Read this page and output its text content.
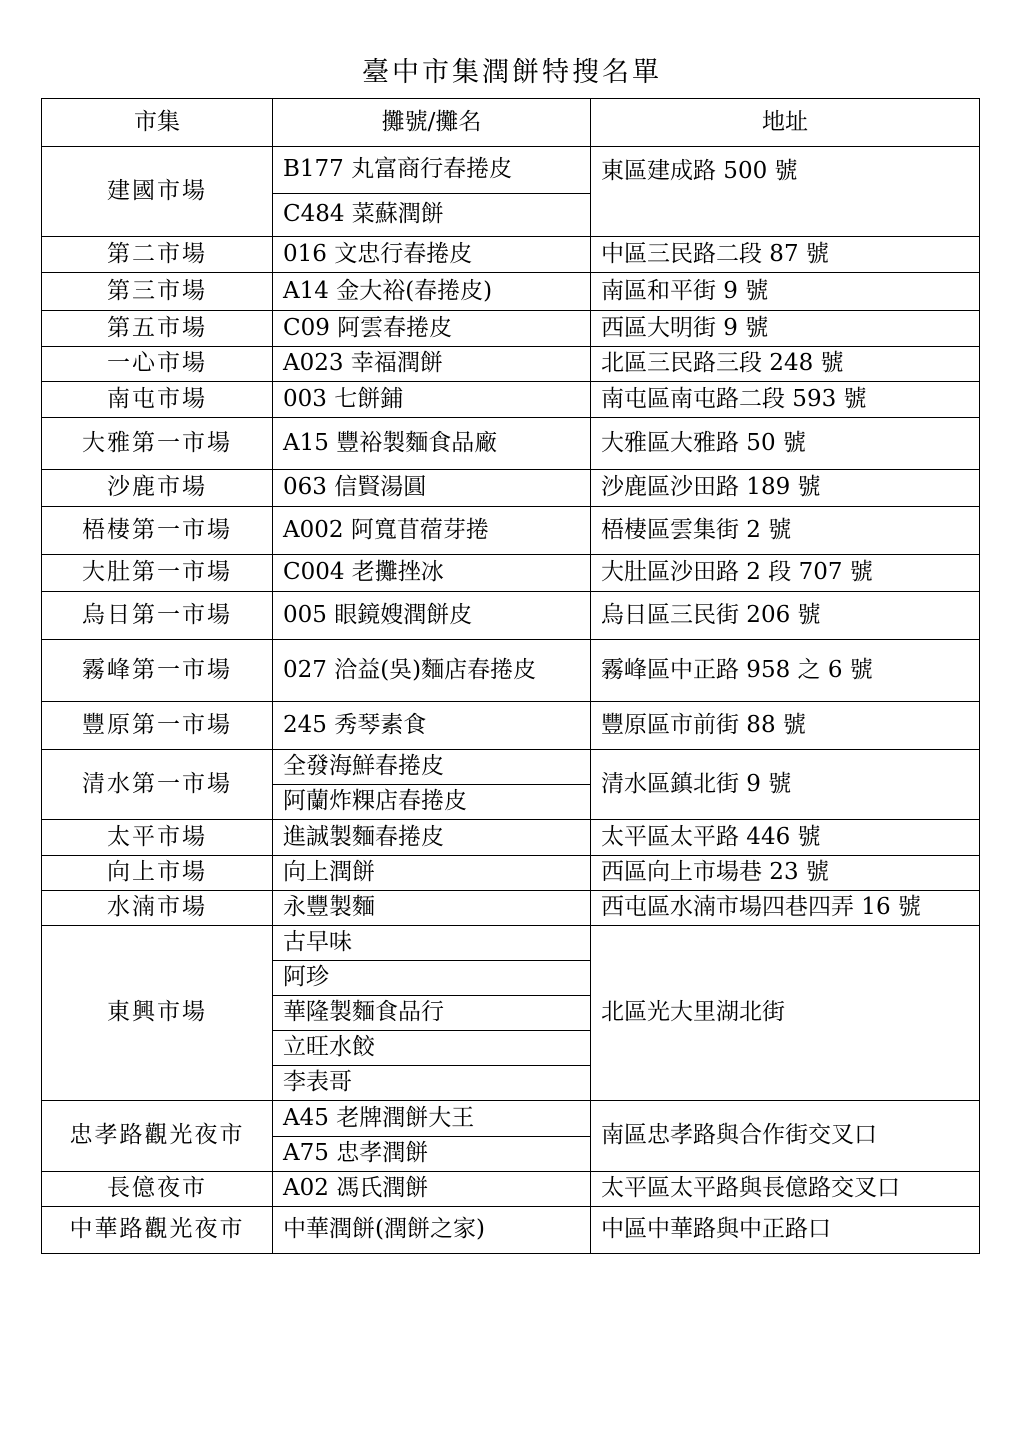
臺中市集潤餅特搜名單
市集	攤號/攤名	地址
建國市場	B177 丸富商行春捲皮	東區建成路 500 號
	C484 菜蘇潤餅	
第二市場	016 文忠行春捲皮	中區三民路二段 87 號
第三市場	A14 金大裕(春捲皮)	南區和平街 9 號
第五市場	C09 阿雲春捲皮	西區大明街 9 號
一心市場	A023 幸福潤餅	北區三民路三段 248 號
南屯市場	003 七餅鋪	南屯區南屯路二段 593 號
大雅第一市場	A15 豐裕製麵食品廠	大雅區大雅路 50 號
沙鹿市場	063 信賢湯圓	沙鹿區沙田路 189 號
梧棲第一市場	A002 阿寬苜蓿芽捲	梧棲區雲集街 2 號
大肚第一市場	C004 老攤挫冰	大肚區沙田路 2 段 707 號
烏日第一市場	005 眼鏡嫂潤餅皮	烏日區三民街 206 號
霧峰第一市場	027 洽益(吳)麵店春捲皮	霧峰區中正路 958 之 6 號
豐原第一市場	245 秀琴素食	豐原區市前街 88 號
清水第一市場	全發海鮮春捲皮	清水區鎮北街 9 號
	阿蘭炸粿店春捲皮	
太平市場	進誠製麵春捲皮	太平區太平路 446 號
向上市場	向上潤餅	西區向上市場巷 23 號
水湳市場	永豐製麵	西屯區水湳市場四巷四弄 16 號
東興市場	古早味	北區光大里湖北街
	阿珍	
	華隆製麵食品行	
	立旺水餃	
	李表哥	
忠孝路觀光夜市	A45 老牌潤餅大王	南區忠孝路與合作街交叉口
	A75 忠孝潤餅	
長億夜市	A02 馮氏潤餅	太平區太平路與長億路交叉口
中華路觀光夜市	中華潤餅(潤餅之家)	中區中華路與中正路口
